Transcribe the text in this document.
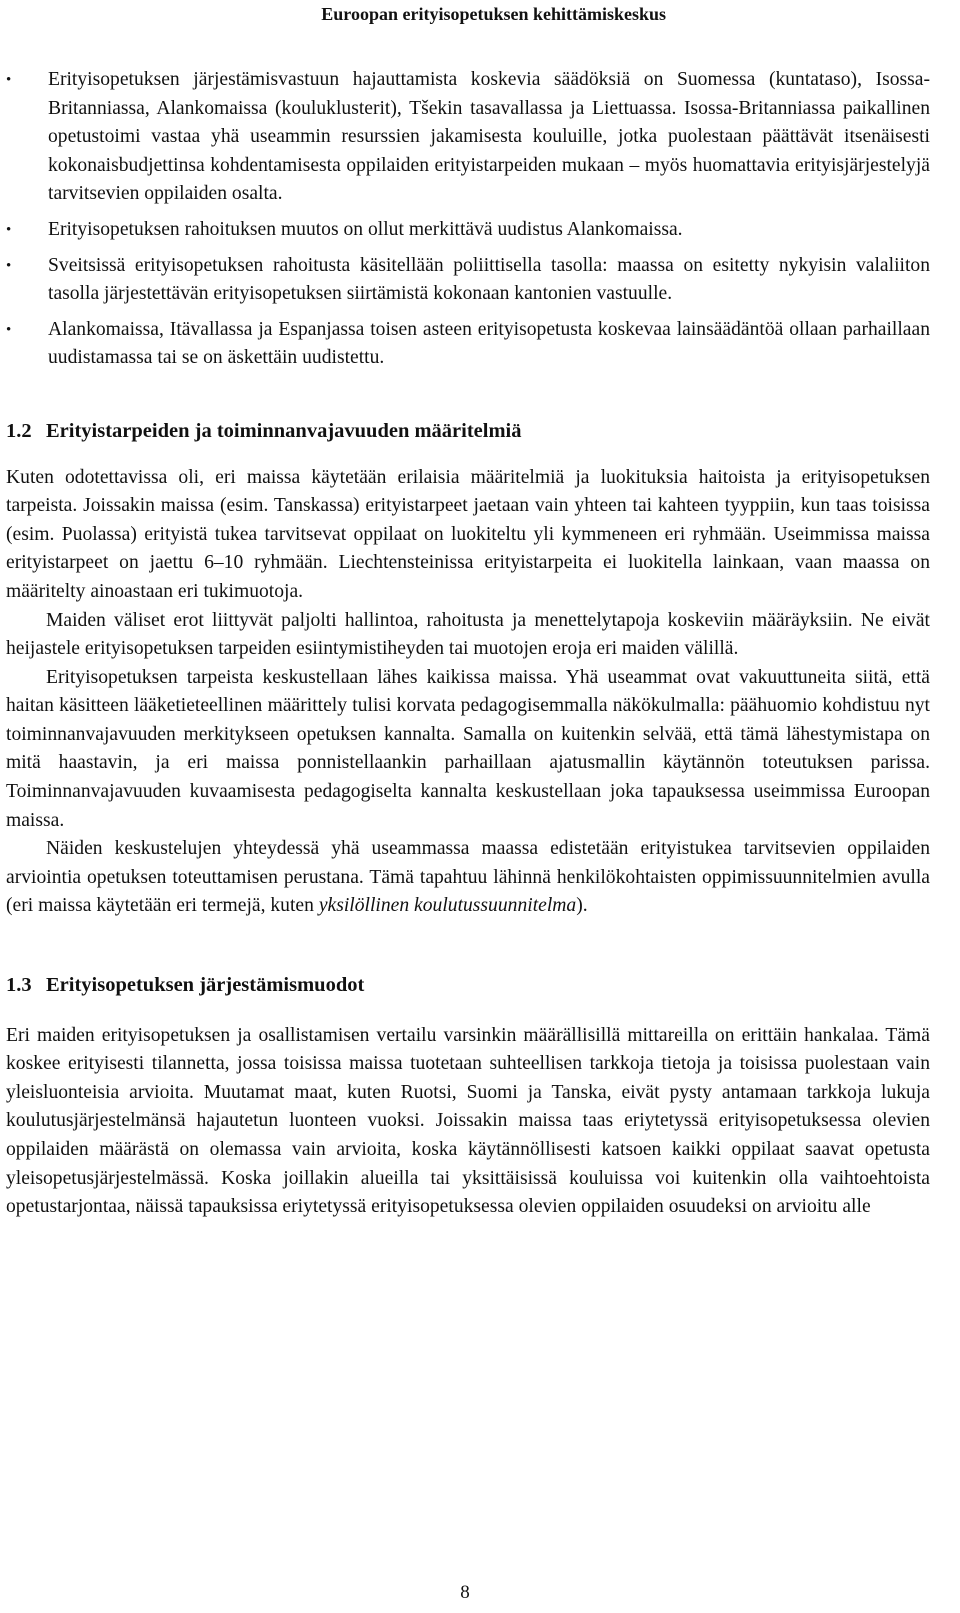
Euroopan erityisopetuksen kehittämiskeskus
• Erityisopetuksen järjestämisvastuun hajauttamista koskevia säädöksiä on Suomessa (kuntataso), Isossa-Britanniassa, Alankomaissa (kouluklusterit), Tšekin tasavallassa ja Liettuassa. Isossa-Britanniassa paikallinen opetustoimi vastaa yhä useammin resurssien jakamisesta kouluille, jotka puolestaan päättävät itsenäisesti kokonaisbudjettinsa kohdentamisesta oppilaiden erityistarpeiden mukaan – myös huomattavia erityisjärjestelyjä tarvitsevien oppilaiden osalta.
• Erityisopetuksen rahoituksen muutos on ollut merkittävä uudistus Alankomaissa.
• Sveitsissä erityisopetuksen rahoitusta käsitellään poliittisella tasolla: maassa on esitetty nykyisin valaliiton tasolla järjestettävän erityisopetuksen siirtämistä kokonaan kantonien vastuulle.
• Alankomaissa, Itävallassa ja Espanjassa toisen asteen erityisopetusta koskevaa lainsäädäntöä ollaan parhaillaan uudistamassa tai se on äskettäin uudistettu.
1.2 Erityistarpeiden ja toiminnanvajavuuden määritelmiä

Kuten odotettavissa oli, eri maissa käytetään erilaisia määritelmiä ja luokituksia haitoista ja erityisopetuksen tarpeista. Joissakin maissa (esim. Tanskassa) erityistarpeet jaetaan vain yhteen tai kahteen tyyppiin, kun taas toisissa (esim. Puolassa) erityistä tukea tarvitsevat oppilaat on luokiteltu yli kymmeneen eri ryhmään. Useimmissa maissa erityistarpeet on jaettu 6–10 ryhmään. Liechtensteinissa erityistarpeita ei luokitella lainkaan, vaan maassa on määritelty ainoastaan eri tukimuotoja.

Maiden väliset erot liittyvät paljolti hallintoa, rahoitusta ja menettelytapoja koskeviin määräyksiin. Ne eivät heijastele erityisopetuksen tarpeiden esiintymistiheyden tai muotojen eroja eri maiden välillä.

Erityisopetuksen tarpeista keskustellaan lähes kaikissa maissa. Yhä useammat ovat vakuuttuneita siitä, että haitan käsitteen lääketieteellinen määrittely tulisi korvata pedagogisemmalla näkökulmalla: päähuomio kohdistuu nyt toiminnanvajavuuden merkitykseen opetuksen kannalta. Samalla on kuitenkin selvää, että tämä lähestymistapa on mitä haastavin, ja eri maissa ponnistellaankin parhaillaan ajatusmallin käytännön toteutuksen parissa. Toiminnanvajavuuden kuvaamisesta pedagogiselta kannalta keskustellaan joka tapauksessa useimmissa Euroopan maissa.

Näiden keskustelujen yhteydessä yhä useammassa maassa edistetään erityistukea tarvitsevien oppilaiden arviointia opetuksen toteuttamisen perustana. Tämä tapahtuu lähinnä henkilökohtaisten oppimissuunnitelmien avulla (eri maissa käytetään eri termejä, kuten yksilöllinen koulutussuunnitelma).

1.3 Erityisopetuksen järjestämismuodot

Eri maiden erityisopetuksen ja osallistamisen vertailu varsinkin määrällisillä mittareilla on erittäin hankalaa. Tämä koskee erityisesti tilannetta, jossa toisissa maissa tuotetaan suhteellisen tarkkoja tietoja ja toisissa puolestaan vain yleisluonteisia arvioita. Muutamat maat, kuten Ruotsi, Suomi ja Tanska, eivät pysty antamaan tarkkoja lukuja koulutusjärjestelmänsä hajautetun luonteen vuoksi. Joissakin maissa taas eriytetyssä erityisopetuksessa olevien oppilaiden määrästä on olemassa vain arvioita, koska käytännöllisesti katsoen kaikki oppilaat saavat opetusta yleisopetusjärjestelmässä. Koska joillakin alueilla tai yksittäisissä kouluissa voi kuitenkin olla vaihtoehtoista opetustarjontaa, näissä tapauksissa eriytetyssä erityisopetuksessa olevien oppilaiden osuudeksi on arvioitu alle

8
